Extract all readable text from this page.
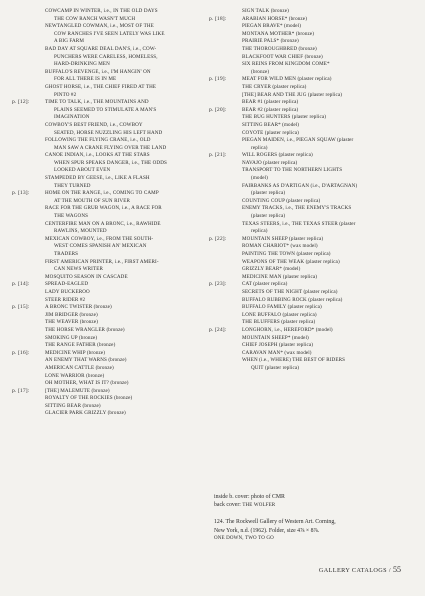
COWCAMP IN WINTER, i.e., IN THE OLD DAYS
THE COW RANCH WASN'T MUCH
NEWTANGLED COWMAN, i.e., MOST OF THE
COW RANCHES I'VE SEEN LATELY WAS LIKE
A BIG FARM
BAD DAY AT SQUARE DEAL DAN'S, i.e., COW-
PUNCHERS WERE CARELESS, HOMELESS,
HARD-DRINKING MEN
BUFFALO'S REVENGE, i.e., I'M HANGIN' ON
FOR ALL THERE IS IN ME
GHOST HORSE, i.e., THE CHIEF FIRED AT THE
PINTO #2
p. [12]:	TIME TO TALK, i.e., THE MOUNTAINS AND
PLAINS SEEMED TO STIMULATE A MAN'S
IMAGINATION
COWBOY'S BEST FRIEND, i.e., COWBOY
SEATED, HORSE NUZZLING HIS LEFT HAND
FOLLOWING THE FLYING CRANE, i.e., OLD
MAN SAW A CRANE FLYING OVER THE LAND
CANOE INDIAN, i.e., LOOKS AT THE STARS
WHEN SPUR SPEAKS DANGER, i.e., THE ODDS
LOOKED ABOUT EVEN
STAMPEDED BY GEESE, i.e., LIKE A FLASH
THEY TURNED
p. [13]:	HOME ON THE RANGE, i.e., COMING TO CAMP
AT THE MOUTH OF SUN RIVER
RACE FOR THE GRUB WAGON, i.e., A RACE FOR
THE WAGONS
CENTERFIRE MAN ON A BRONC, i.e., RAWHIDE
RAWLINS, MOUNTED
MEXICAN COWBOY, i.e., FROM THE SOUTH-
WEST COMES SPANISH AN' MEXICAN
TRADERS
FIRST AMERICAN PRINTER, i.e., FIRST AMERI-
CAN NEWS WRITER
MOSQUITO SEASON IN CASCADE
p. [14]:	SPREAD-EAGLED
LADY BUCKEROO
STEER RIDER #2
p. [15]:	A BRONC TWISTER (bronze)
JIM BRIDGER (bronze)
THE WEAVER (bronze)
THE HORSE WRANGLER (bronze)
SMOKING UP (bronze)
THE RANGE FATHER (bronze)
p. [16]:	MEDICINE WHIP (bronze)
AN ENEMY THAT WARNS (bronze)
AMERICAN CATTLE (bronze)
LONE WARRIOR (bronze)
OH MOTHER, WHAT IS IT? (bronze)
p. [17]:	[THE] MALEMUTE (bronze)
ROYALTY OF THE ROCKIES (bronze)
SITTING BEAR (bronze)
GLACIER PARK GRIZZLY (bronze)
SIGN TALK (bronze)
p. [18]:	ARABIAN HORSE* (bronze)
PIEGAN BRAVE* (model)
MONTANA MOTHER* (bronze)
PRAIRIE PALS* (bronze)
THE THOROUGHBRED (bronze)
BLACKFOOT WAR CHIEF (bronze)
SIX REINS FROM KINGDOM COME*
(bronze)
p. [19]:	MEAT FOR WILD MEN (plaster replica)
THE CRYER (plaster replica)
[THE] BEAR AND THE JUG (plaster replica)
BEAR #1 (plaster replica)
p. [20]:	BEAR #2 (plaster replica)
THE BUG HUNTERS (plaster replica)
SITTING BEAR* (model)
COYOTE (plaster replica)
PIEGAN MAIDEN, i.e., PIEGAN SQUAW (plaster
replica)
p. [21]:	WILL ROGERS (plaster replica)
NAVAJO (plaster replica)
TRANSPORT TO THE NORTHERN LIGHTS
(model)
FAIRBANKS AS D'ARTIGAN (i.e., D'ARTAGNAN)
(plaster replica)
COUNTING COUP (plaster replica)
ENEMY TRACKS, i.e., THE ENEMY'S TRACKS
(plaster replica)
TEXAS STEERS, i.e., THE TEXAS STEER (plaster
replica)
p. [22]:	MOUNTAIN SHEEP (plaster replica)
ROMAN CHARIOT* (wax model)
PAINTING THE TOWN (plaster replica)
WEAPONS OF THE WEAK (plaster replica)
GRIZZLY BEAR* (model)
MEDICINE MAN (plaster replica)
p. [23]:	CAT (plaster replica)
SECRETS OF THE NIGHT (plaster replica)
BUFFALO RUBBING ROCK (plaster replica)
BUFFALO FAMILY (plaster replica)
LONE BUFFALO (plaster replica)
THE BLUFFERS (plaster replica)
p. [24]:	LONGHORN, i.e., HEREFORD* (model)
MOUNTAIN SHEEP* (model)
CHIEF JOSEPH (plaster replica)
CARAVAN MAN* (wax model)
WHEN (i.e., WHERE) THE BEST OF RIDERS
QUIT (plaster replica)
inside b. cover: photo of CMR
back cover: THE WOLFER
124. The Rockwell Gallery of Western Art. Corning,
New York, n.d. (1962). Folder, size 4⅞ × 8⅞.
ONE DOWN, TWO TO GO
GALLERY CATALOGS / 55
